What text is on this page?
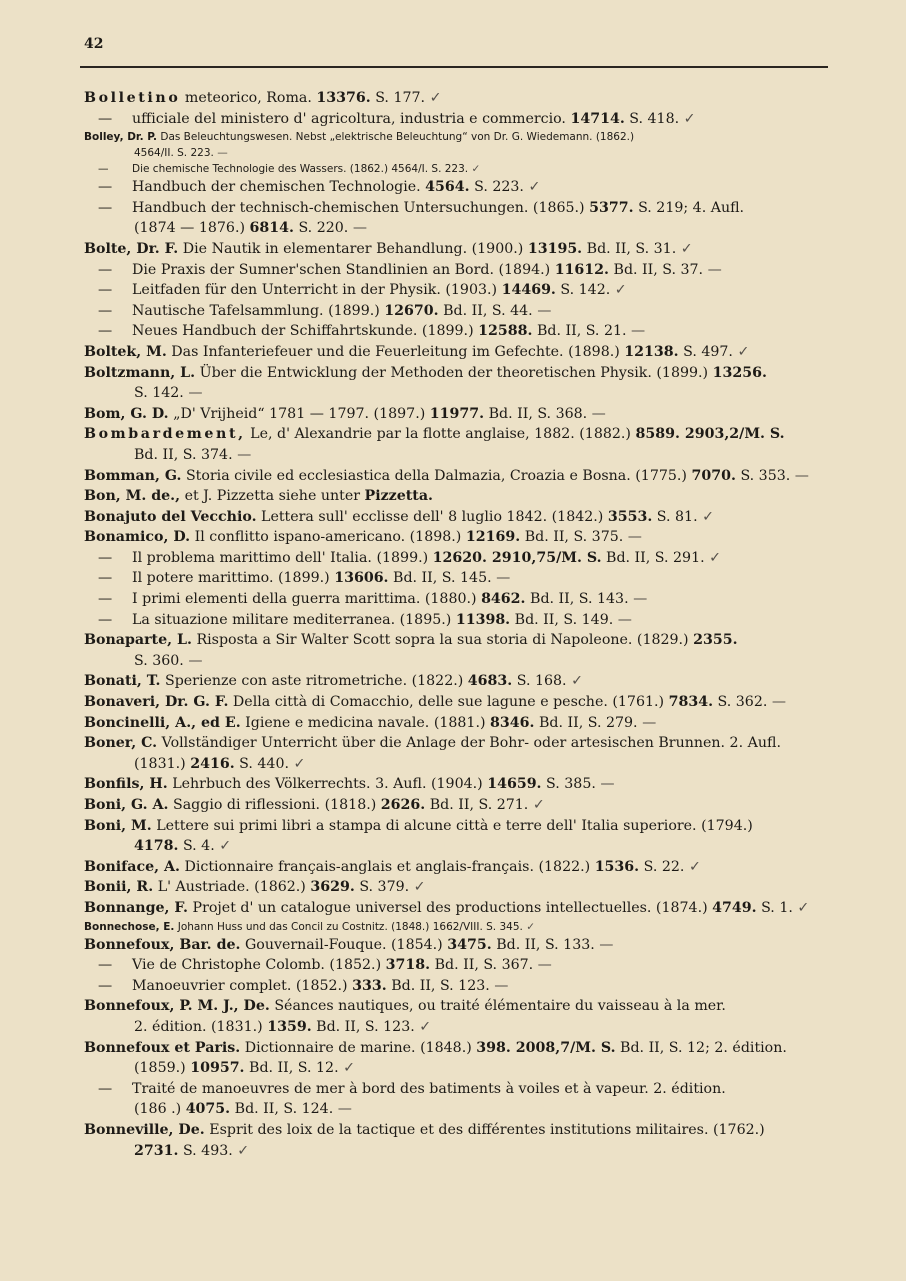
42
Bolletino meteorico, Roma. 13376. S. 177. ✓
— ufficiale del ministero d' agricoltura, industria e commercio. 14714. S. 418. ✓
Bolley, Dr. P. Das Beleuchtungswesen. Nebst „elektrische Beleuchtung“ von Dr. G. Wiedemann. (1862.)
4564/II. S. 223. —
— Die chemische Technologie des Wassers. (1862.) 4564/I. S. 223. ✓
— Handbuch der chemischen Technologie. 4564. S. 223. ✓
— Handbuch der technisch-chemischen Untersuchungen. (1865.) 5377. S. 219; 4. Aufl.
(1874 — 1876.) 6814. S. 220. —
Bolte, Dr. F. Die Nautik in elementarer Behandlung. (1900.) 13195. Bd. II, S. 31. ✓
— Die Praxis der Sumner'schen Standlinien an Bord. (1894.) 11612. Bd. II, S. 37. —
— Leitfaden für den Unterricht in der Physik. (1903.) 14469. S. 142. ✓
— Nautische Tafelsammlung. (1899.) 12670. Bd. II, S. 44. —
— Neues Handbuch der Schiffahrtskunde. (1899.) 12588. Bd. II, S. 21. —
Boltek, M. Das Infanteriefeuer und die Feuerleitung im Gefechte. (1898.) 12138. S. 497. ✓
Boltzmann, L. Über die Entwicklung der Methoden der theoretischen Physik. (1899.) 13256.
S. 142. —
Bom, G. D. „D' Vrijheid“ 1781 — 1797. (1897.) 11977. Bd. II, S. 368. —
Bombardement, Le, d' Alexandrie par la flotte anglaise, 1882. (1882.) 8589. 2903,2/M. S.
Bd. II, S. 374. —
Bomman, G. Storia civile ed ecclesiastica della Dalmazia, Croazia e Bosna. (1775.) 7070. S. 353. —
Bon, M. de., et J. Pizzetta siehe unter Pizzetta.
Bonajuto del Vecchio. Lettera sull' ecclisse dell' 8 luglio 1842. (1842.) 3553. S. 81. ✓
Bonamico, D. Il conflitto ispano-americano. (1898.) 12169. Bd. II, S. 375. —
— Il problema marittimo dell' Italia. (1899.) 12620. 2910,75/M. S. Bd. II, S. 291. ✓
— Il potere marittimo. (1899.) 13606. Bd. II, S. 145. —
— I primi elementi della guerra marittima. (1880.) 8462. Bd. II, S. 143. —
— La situazione militare mediterranea. (1895.) 11398. Bd. II, S. 149. —
Bonaparte, L. Risposta a Sir Walter Scott sopra la sua storia di Napoleone. (1829.) 2355.
S. 360. —
Bonati, T. Sperienze con aste ritrometriche. (1822.) 4683. S. 168. ✓
Bonaveri, Dr. G. F. Della città di Comacchio, delle sue lagune e pesche. (1761.) 7834. S. 362. —
Boncinelli, A., ed E. Igiene e medicina navale. (1881.) 8346. Bd. II, S. 279. —
Boner, C. Vollständiger Unterricht über die Anlage der Bohr- oder artesischen Brunnen. 2. Aufl.
(1831.) 2416. S. 440. ✓
Bonfils, H. Lehrbuch des Völkerrechts. 3. Aufl. (1904.) 14659. S. 385. —
Boni, G. A. Saggio di riflessioni. (1818.) 2626. Bd. II, S. 271. ✓
Boni, M. Lettere sui primi libri a stampa di alcune città e terre dell' Italia superiore. (1794.)
4178. S. 4. ✓
Boniface, A. Dictionnaire français-anglais et anglais-français. (1822.) 1536. S. 22. ✓
Bonii, R. L' Austriade. (1862.) 3629. S. 379. ✓
Bonnange, F. Projet d' un catalogue universel des productions intellectuelles. (1874.) 4749. S. 1. ✓
Bonnechose, E. Johann Huss und das Concil zu Costnitz. (1848.) 1662/VIII. S. 345. ✓
Bonnefoux, Bar. de. Gouvernail-Fouque. (1854.) 3475. Bd. II, S. 133. —
— Vie de Christophe Colomb. (1852.) 3718. Bd. II, S. 367. —
— Manoeuvrier complet. (1852.) 333. Bd. II, S. 123. —
Bonnefoux, P. M. J., De. Séances nautiques, ou traité élémentaire du vaisseau à la mer.
2. édition. (1831.) 1359. Bd. II, S. 123. ✓
Bonnefoux et Paris. Dictionnaire de marine. (1848.) 398. 2008,7/M. S. Bd. II, S. 12; 2. édition.
(1859.) 10957. Bd. II, S. 12. ✓
— Traité de manoeuvres de mer à bord des batiments à voiles et à vapeur. 2. édition.
(186 .) 4075. Bd. II, S. 124. —
Bonneville, De. Esprit des loix de la tactique et des différentes institutions militaires. (1762.)
2731. S. 493. ✓
